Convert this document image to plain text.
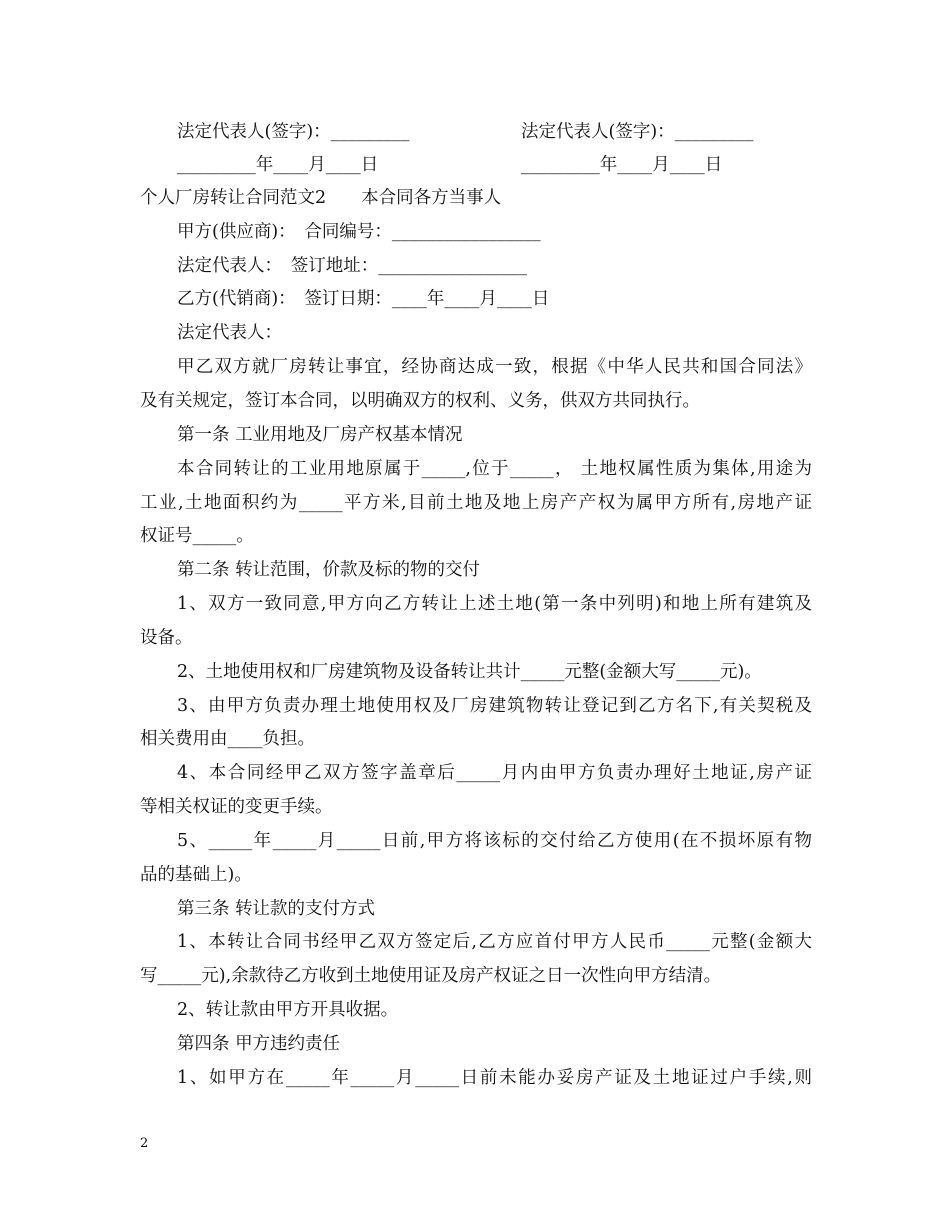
法定代表人(签字)：_________	法定代表人(签字)：_________
_________年____月____日	_________年____月____日
个人厂房转让合同范文2　　本合同各方当事人
甲方(供应商)：　合同编号：_________________
法定代表人：　签订地址：_________________
乙方(代销商)：　签订日期：____年____月____日
法定代表人：
甲乙双方就厂房转让事宜，经协商达成一致，根据《中华人民共和国合同法》
及有关规定，签订本合同，以明确双方的权利、义务，供双方共同执行。
第一条 工业用地及厂房产权基本情况
本合同转让的工业用地原属于_____,位于_____， 土地权属性质为集体,用途为
工业,土地面积约为_____平方米,目前土地及地上房产产权为属甲方所有,房地产证
权证号_____。
第二条 转让范围，价款及标的物的交付
1、双方一致同意,甲方向乙方转让上述土地(第一条中列明)和地上所有建筑及
设备。
2、土地使用权和厂房建筑物及设备转让共计_____元整(金额大写_____元)。
3、由甲方负责办理土地使用权及厂房建筑物转让登记到乙方名下,有关契税及
相关费用由____负担。
4、本合同经甲乙双方签字盖章后_____月内由甲方负责办理好土地证,房产证
等相关权证的变更手续。
5、_____年_____月_____日前,甲方将该标的交付给乙方使用(在不损坏原有物
品的基础上)。
第三条 转让款的支付方式
1、本转让合同书经甲乙双方签定后,乙方应首付甲方人民币_____元整(金额大
写_____元),余款待乙方收到土地使用证及房产权证之日一次性向甲方结清。
2、转让款由甲方开具收据。
第四条 甲方违约责任
1、如甲方在_____年_____月_____日前未能办妥房产证及土地证过户手续,则
2
